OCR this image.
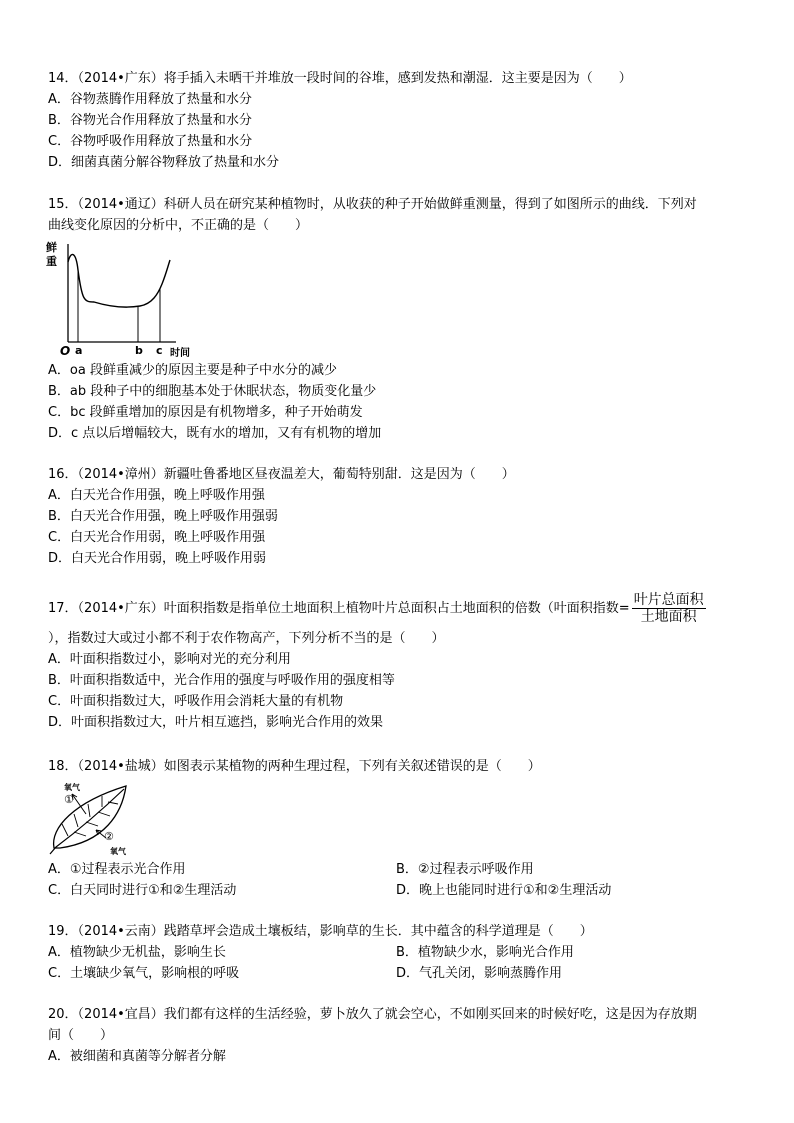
14．（2014•广东）将手插入未晒干并堆放一段时间的谷堆，感到发热和潮湿．这主要是因为（　　）
A．谷物蒸腾作用释放了热量和水分
B．谷物光合作用释放了热量和水分
C．谷物呼吸作用释放了热量和水分
D．细菌真菌分解谷物释放了热量和水分
15．（2014•通辽）科研人员在研究某种植物时，从收获的种子开始做鲜重测量，得到了如图所示的曲线．下列对
曲线变化原因的分析中，不正确的是（　　）
鲜
重
O a	b c 时间
A．oa 段鲜重减少的原因主要是种子中水分的减少
B．ab 段种子中的细胞基本处于休眠状态，物质变化量少
C．bc 段鲜重增加的原因是有机物增多，种子开始萌发
D．c 点以后增幅较大，既有水的增加，又有有机物的增加
16．（2014•漳州）新疆吐鲁番地区昼夜温差大，葡萄特别甜．这是因为（　　）
A．白天光合作用强，晚上呼吸作用强
B．白天光合作用强，晚上呼吸作用强弱
C．白天光合作用弱，晚上呼吸作用强
D．白天光合作用弱，晚上呼吸作用弱
17．（2014•广东）叶面积指数是指单位土地面积上植物叶片总面积占土地面积的倍数（叶面积指数= $\frac{\text{叶片总面积}}{\text{土地面积}}$
），指数过大或过小都不利于农作物高产，下列分析不当的是（　　）
A．叶面积指数过小，影响对光的充分利用
B．叶面积指数适中，光合作用的强度与呼吸作用的强度相等
C．叶面积指数过大，呼吸作用会消耗大量的有机物
D．叶面积指数过大，叶片相互遮挡，影响光合作用的效果
18．（2014•盐城）如图表示某植物的两种生理过程，下列有关叙述错误的是（　　）
氧气
①
②
氧气
A．①过程表示光合作用	B．②过程表示呼吸作用
C．白天同时进行①和②生理活动	D．晚上也能同时进行①和②生理活动
19．（2014•云南）践踏草坪会造成土壤板结，影响草的生长．其中蕴含的科学道理是（　　）
A．植物缺少无机盐，影响生长	B．植物缺少水，影响光合作用
C．土壤缺少氧气，影响根的呼吸	D．气孔关闭，影响蒸腾作用
20．（2014•宜昌）我们都有这样的生活经验，萝卜放久了就会空心，不如刚买回来的时候好吃，这是因为存放期
间（　　）
A．被细菌和真菌等分解者分解
